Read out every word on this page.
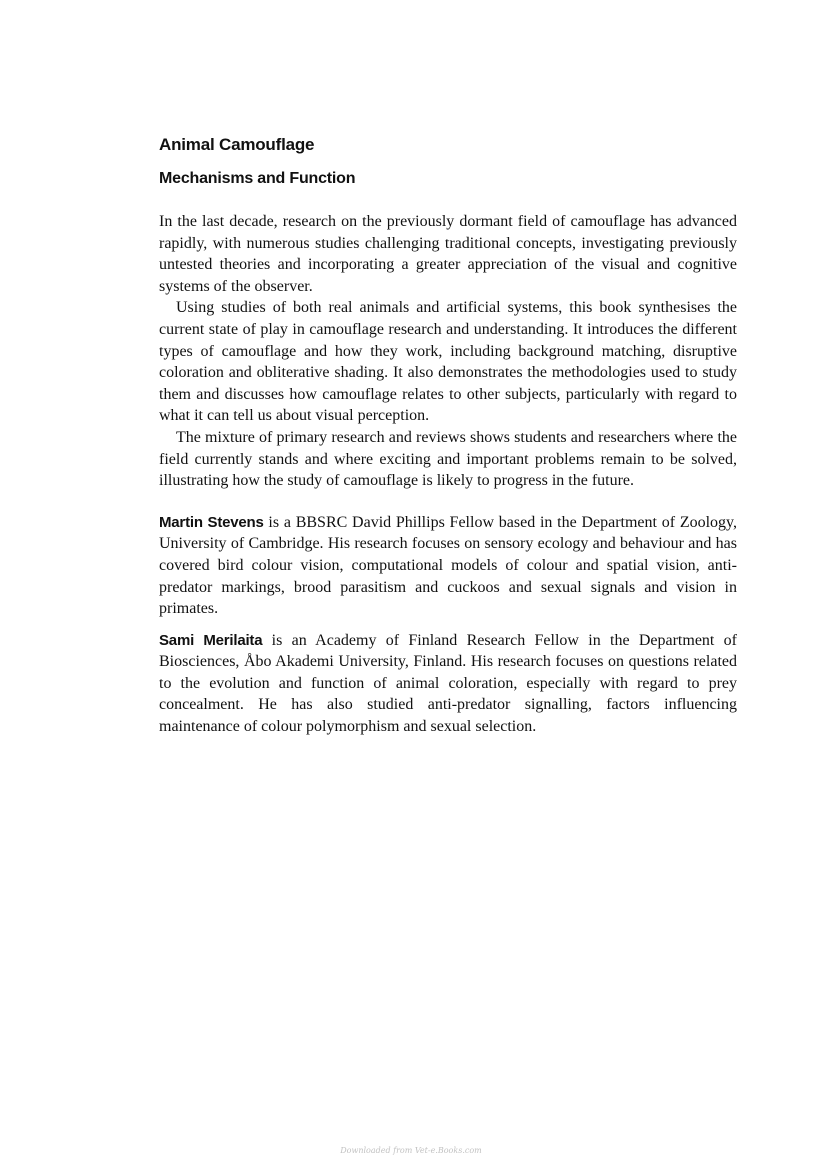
Animal Camouflage
Mechanisms and Function

In the last decade, research on the previously dormant field of camouflage has advanced rapidly, with numerous studies challenging traditional concepts, investigating previously untested theories and incorporating a greater appreciation of the visual and cognitive systems of the observer.

Using studies of both real animals and artificial systems, this book synthesises the current state of play in camouflage research and understanding. It introduces the different types of camouflage and how they work, including background matching, disruptive coloration and obliterative shading. It also demonstrates the methodologies used to study them and discusses how camouflage relates to other subjects, particularly with regard to what it can tell us about visual perception.

The mixture of primary research and reviews shows students and researchers where the field currently stands and where exciting and important problems remain to be solved, illustrating how the study of camouflage is likely to progress in the future.

Martin Stevens is a BBSRC David Phillips Fellow based in the Department of Zoology, University of Cambridge. His research focuses on sensory ecology and behaviour and has covered bird colour vision, computational models of colour and spatial vision, anti-predator markings, brood parasitism and cuckoos and sexual signals and vision in primates.

Sami Merilaita is an Academy of Finland Research Fellow in the Department of Biosciences, Åbo Akademi University, Finland. His research focuses on questions related to the evolution and function of animal coloration, especially with regard to prey concealment. He has also studied anti-predator signalling, factors influencing maintenance of colour polymorphism and sexual selection.

Downloaded from Vet-e.Books.com
